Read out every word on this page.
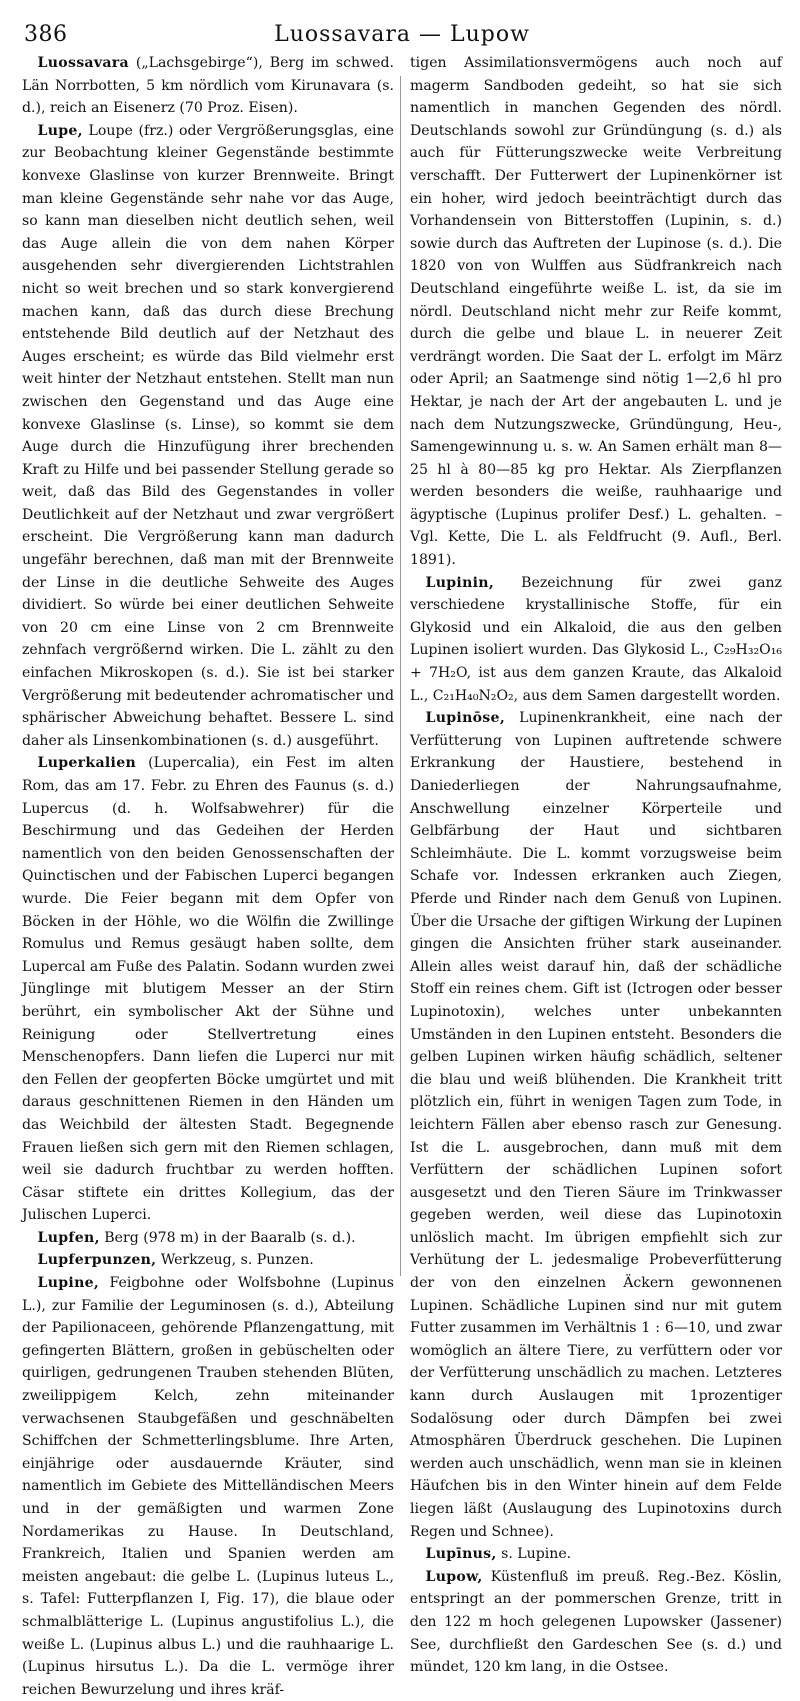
386	Luossavara — Lupow

Luossavara („Lachsgebirge“), Berg im schwed. Län Norrbotten, 5 km nördlich vom Kirunavara (s. d.), reich an Eisenerz (70 Proz. Eisen).

Lupe, Loupe (frz.) oder Vergrößerungsglas, eine zur Beobachtung kleiner Gegenstände bestimmte konvexe Glaslinse von kurzer Brennweite. Bringt man kleine Gegenstände sehr nahe vor das Auge, so kann man dieselben nicht deutlich sehen, weil das Auge allein die von dem nahen Körper ausgehenden sehr divergierenden Lichtstrahlen nicht so weit brechen und so stark konvergierend machen kann, daß das durch diese Brechung entstehende Bild deutlich auf der Netzhaut des Auges erscheint; es würde das Bild vielmehr erst weit hinter der Netzhaut entstehen. Stellt man nun zwischen den Gegenstand und das Auge eine konvexe Glaslinse (s. Linse), so kommt sie dem Auge durch die Hinzufügung ihrer brechenden Kraft zu Hilfe und bei passender Stellung gerade so weit, daß das Bild des Gegenstandes in voller Deutlichkeit auf der Netzhaut und zwar vergrößert erscheint. Die Vergrößerung kann man dadurch ungefähr berechnen, daß man mit der Brennweite der Linse in die deutliche Sehweite des Auges dividiert. So würde bei einer deutlichen Sehweite von 20 cm eine Linse von 2 cm Brennweite zehnfach vergrößernd wirken. Die L. zählt zu den einfachen Mikroskopen (s. d.). Sie ist bei starker Vergrößerung mit bedeutender achromatischer und sphärischer Abweichung behaftet. Bessere L. sind daher als Linsenkombinationen (s. d.) ausgeführt.

Luperkalien (Lupercalia), ein Fest im alten Rom, das am 17. Febr. zu Ehren des Faunus (s. d.) Lupercus (d. h. Wolfsabwehrer) für die Beschirmung und das Gedeihen der Herden namentlich von den beiden Genossenschaften der Quinctischen und der Fabischen Luperci begangen wurde. Die Feier begann mit dem Opfer von Böcken in der Höhle, wo die Wölfin die Zwillinge Romulus und Remus gesäugt haben sollte, dem Lupercal am Fuße des Palatin. Sodann wurden zwei Jünglinge mit blutigem Messer an der Stirn berührt, ein symbolischer Akt der Sühne und Reinigung oder Stellvertretung eines Menschenopfers. Dann liefen die Luperci nur mit den Fellen der geopferten Böcke umgürtet und mit daraus geschnittenen Riemen in den Händen um das Weichbild der ältesten Stadt. Begegnende Frauen ließen sich gern mit den Riemen schlagen, weil sie dadurch fruchtbar zu werden hofften. Cäsar stiftete ein drittes Kollegium, das der Julischen Luperci.

Lupfen, Berg (978 m) in der Baaralb (s. d.).

Lupferpunzen, Werkzeug, s. Punzen.

Lupine, Feigbohne oder Wolfsbohne (Lupinus L.), zur Familie der Leguminosen (s. d.), Abteilung der Papilionaceen, gehörende Pflanzengattung, mit gefingerten Blättern, großen in gebüschelten oder quirligen, gedrungenen Trauben stehenden Blüten, zweilippigem Kelch, zehn miteinander verwachsenen Staubgefäßen und geschnäbelten Schiffchen der Schmetterlingsblume. Ihre Arten, einjährige oder ausdauernde Kräuter, sind namentlich im Gebiete des Mittelländischen Meers und in der gemäßigten und warmen Zone Nordamerikas zu Hause. In Deutschland, Frankreich, Italien und Spanien werden am meisten angebaut: die gelbe L. (Lupinus luteus L., s. Tafel: Futterpflanzen I, Fig. 17), die blaue oder schmalblätterige L. (Lupinus angustifolius L.), die weiße L. (Lupinus albus L.) und die rauhhaarige L. (Lupinus hirsutus L.). Da die L. vermöge ihrer reichen Bewurzelung und ihres kräf-

tigen Assimilationsvermögens auch noch auf magerm Sandboden gedeiht, so hat sie sich namentlich in manchen Gegenden des nördl. Deutschlands sowohl zur Gründüngung (s. d.) als auch für Fütterungszwecke weite Verbreitung verschafft. Der Futterwert der Lupinenkörner ist ein hoher, wird jedoch beeinträchtigt durch das Vorhandensein von Bitterstoffen (Lupinin, s. d.) sowie durch das Auftreten der Lupinose (s. d.). Die 1820 von von Wulffen aus Südfrankreich nach Deutschland eingeführte weiße L. ist, da sie im nördl. Deutschland nicht mehr zur Reife kommt, durch die gelbe und blaue L. in neuerer Zeit verdrängt worden. Die Saat der L. erfolgt im März oder April; an Saatmenge sind nötig 1—2,6 hl pro Hektar, je nach der Art der angebauten L. und je nach dem Nutzungszwecke, Gründüngung, Heu-, Samengewinnung u. s. w. An Samen erhält man 8—25 hl à 80—85 kg pro Hektar. Als Zierpflanzen werden besonders die weiße, rauhhaarige und ägyptische (Lupinus prolifer Desf.) L. gehalten. – Vgl. Kette, Die L. als Feldfrucht (9. Aufl., Berl. 1891).

Lupinin, Bezeichnung für zwei ganz verschiedene krystallinische Stoffe, für ein Glykosid und ein Alkaloid, die aus den gelben Lupinen isoliert wurden. Das Glykosid L., C₂₉H₃₂O₁₆ + 7H₂O, ist aus dem ganzen Kraute, das Alkaloid L., C₂₁H₄₀N₂O₂, aus dem Samen dargestellt worden.

Lupinōse, Lupinenkrankheit, eine nach der Verfütterung von Lupinen auftretende schwere Erkrankung der Haustiere, bestehend in Daniederliegen der Nahrungsaufnahme, Anschwellung einzelner Körperteile und Gelbfärbung der Haut und sichtbaren Schleimhäute. Die L. kommt vorzugsweise beim Schafe vor. Indessen erkranken auch Ziegen, Pferde und Rinder nach dem Genuß von Lupinen. Über die Ursache der giftigen Wirkung der Lupinen gingen die Ansichten früher stark auseinander. Allein alles weist darauf hin, daß der schädliche Stoff ein reines chem. Gift ist (Ictrogen oder besser Lupinotoxin), welches unter unbekannten Umständen in den Lupinen entsteht. Besonders die gelben Lupinen wirken häufig schädlich, seltener die blau und weiß blühenden. Die Krankheit tritt plötzlich ein, führt in wenigen Tagen zum Tode, in leichtern Fällen aber ebenso rasch zur Genesung. Ist die L. ausgebrochen, dann muß mit dem Verfüttern der schädlichen Lupinen sofort ausgesetzt und den Tieren Säure im Trinkwasser gegeben werden, weil diese das Lupinotoxin unlöslich macht. Im übrigen empfiehlt sich zur Verhütung der L. jedesmalige Probeverfütterung der von den einzelnen Äckern gewonnenen Lupinen. Schädliche Lupinen sind nur mit gutem Futter zusammen im Verhältnis 1 : 6—10, und zwar womöglich an ältere Tiere, zu verfüttern oder vor der Verfütterung unschädlich zu machen. Letzteres kann durch Auslaugen mit 1prozentiger Sodalösung oder durch Dämpfen bei zwei Atmosphären Überdruck geschehen. Die Lupinen werden auch unschädlich, wenn man sie in kleinen Häufchen bis in den Winter hinein auf dem Felde liegen läßt (Auslaugung des Lupinotoxins durch Regen und Schnee).

Lupīnus, s. Lupine.

Lupow, Küstenfluß im preuß. Reg.-Bez. Köslin, entspringt an der pommerschen Grenze, tritt in den 122 m hoch gelegenen Lupowsker (Jassener) See, durchfließt den Gardeschen See (s. d.) und mündet, 120 km lang, in die Ostsee.
